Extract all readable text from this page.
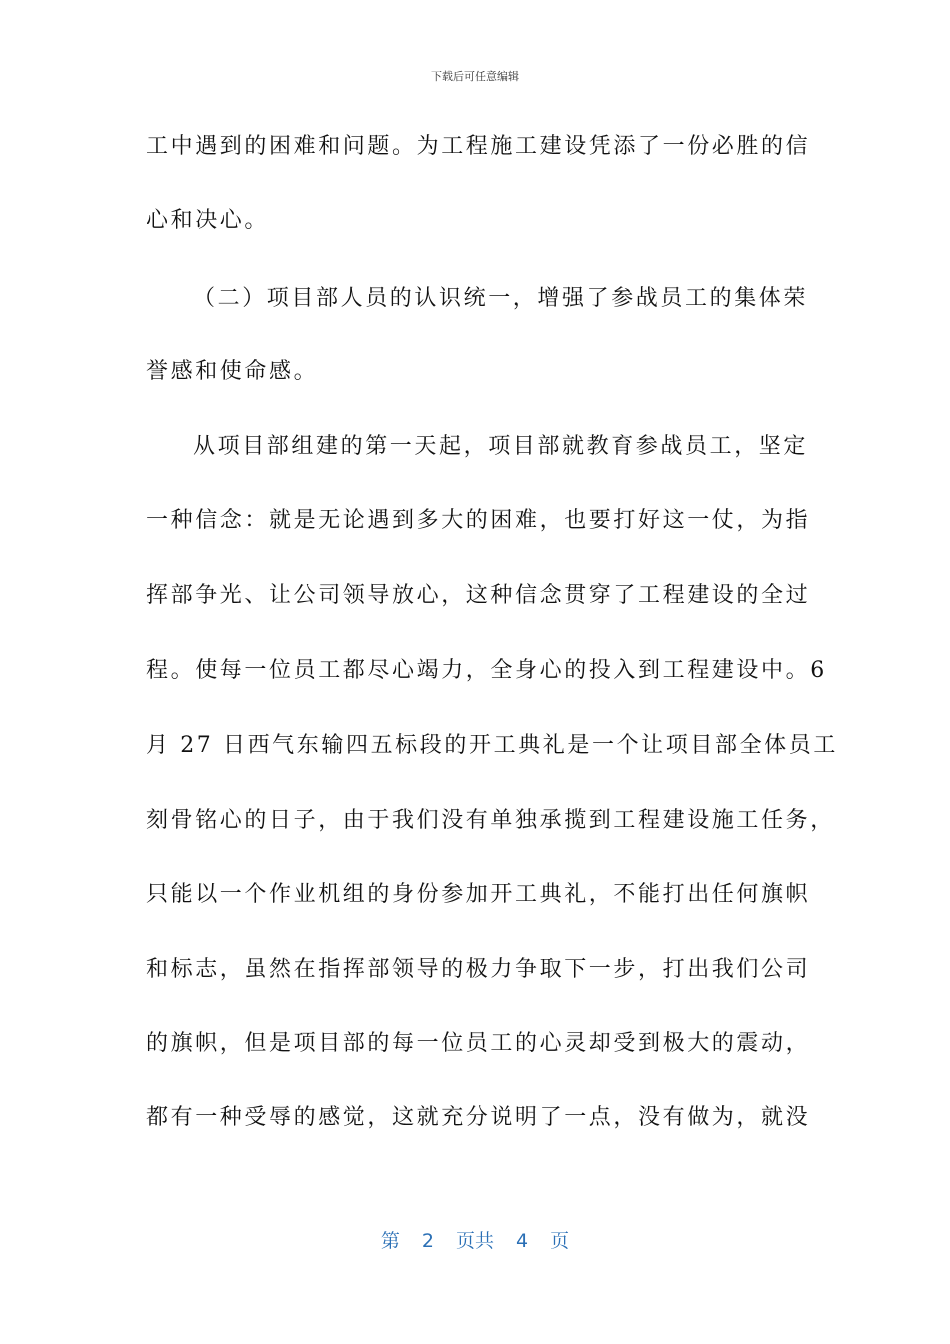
下载后可任意编辑
工中遇到的困难和问题。为工程施工建设凭添了一份必胜的信
心和决心。
（二）项目部人员的认识统一，增强了参战员工的集体荣
誉感和使命感。
从项目部组建的第一天起，项目部就教育参战员工，坚定
一种信念：就是无论遇到多大的困难，也要打好这一仗，为指
挥部争光、让公司领导放心，这种信念贯穿了工程建设的全过
程。使每一位员工都尽心竭力，全身心的投入到工程建设中。6
月 27 日西气东输四五标段的开工典礼是一个让项目部全体员工
刻骨铭心的日子，由于我们没有单独承揽到工程建设施工任务，
只能以一个作业机组的身份参加开工典礼，不能打出任何旗帜
和标志，虽然在指挥部领导的极力争取下一步，打出我们公司
的旗帜，但是项目部的每一位员工的心灵却受到极大的震动，
都有一种受辱的感觉，这就充分说明了一点，没有做为，就没
第 2 页共 4 页
